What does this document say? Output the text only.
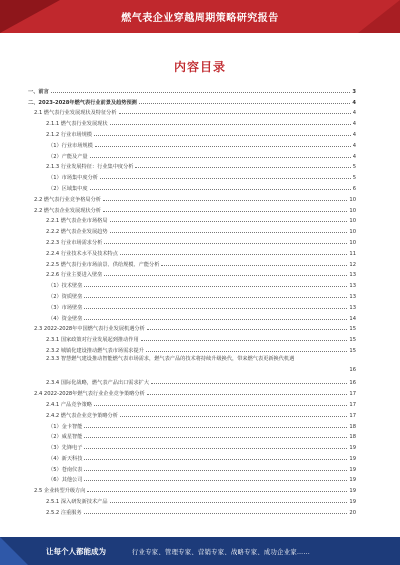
燃气表企业穿越周期策略研究报告
内容目录
一、前言	3
二、2023-2028年燃气表行业前景及趋势预测	4
2.1 燃气表行业发展现状及特征分析	4
2.1.1 燃气表行业发展现状	4
2.1.2 行业市场规模	4
（1）行业市场规模	4
（2）产能及产量	4
2.1.3 行业发展特征：行业集中度分析	5
（1）市场集中度分析	5
（2）区域集中度	6
2.2 燃气表行业竞争格局分析	10
2.2 燃气表企业发展现状分析	10
2.2.1 燃气表企业市场格局	10
2.2.2 燃气表企业发展趋势	10
2.2.3 行业市场需求分析	10
2.2.4 行业技术水平及技术特点	11
2.2.5 燃气表行业市场前景、供给规模、产能分析	12
2.2.6 行业主要进入壁垒	13
（1）技术壁垒	13
（2）资质壁垒	13
（3）市场壁垒	13
（4）资金壁垒	14
2.3 2022-2028年中国燃气表行业发展机遇分析	15
2.3.1 国家政策对行业发展起到推动作用	15
2.3.2 城镇化建设推动燃气表市场需求提升	15
2.3.3 智慧燃气建设推动智能燃气表市场需求，燃气表产品的技术将持续升级换代，带来燃气表更新换代机遇
16
2.3.4 国际化战略，燃气表产品出口需求扩大	16
2.4 2022-2028年燃气表行业企业竞争策略分析	17
2.4.1 产品竞争策略	17
2.4.2 燃气表企业竞争策略分析	17
（1）金卡智能	18
（2）威星智能	18
（3）先锋电子	19
（4）新天科技	19
（5）苍南仪表	19
（6）其他公司	19
2.5 企业转型升级方向	19
2.5.1 深入研发新技术产品	19
2.5.2 注重服务	20
让每个人都能成为	行业专家、管理专家、营销专家、战略专家、成功企业家……
